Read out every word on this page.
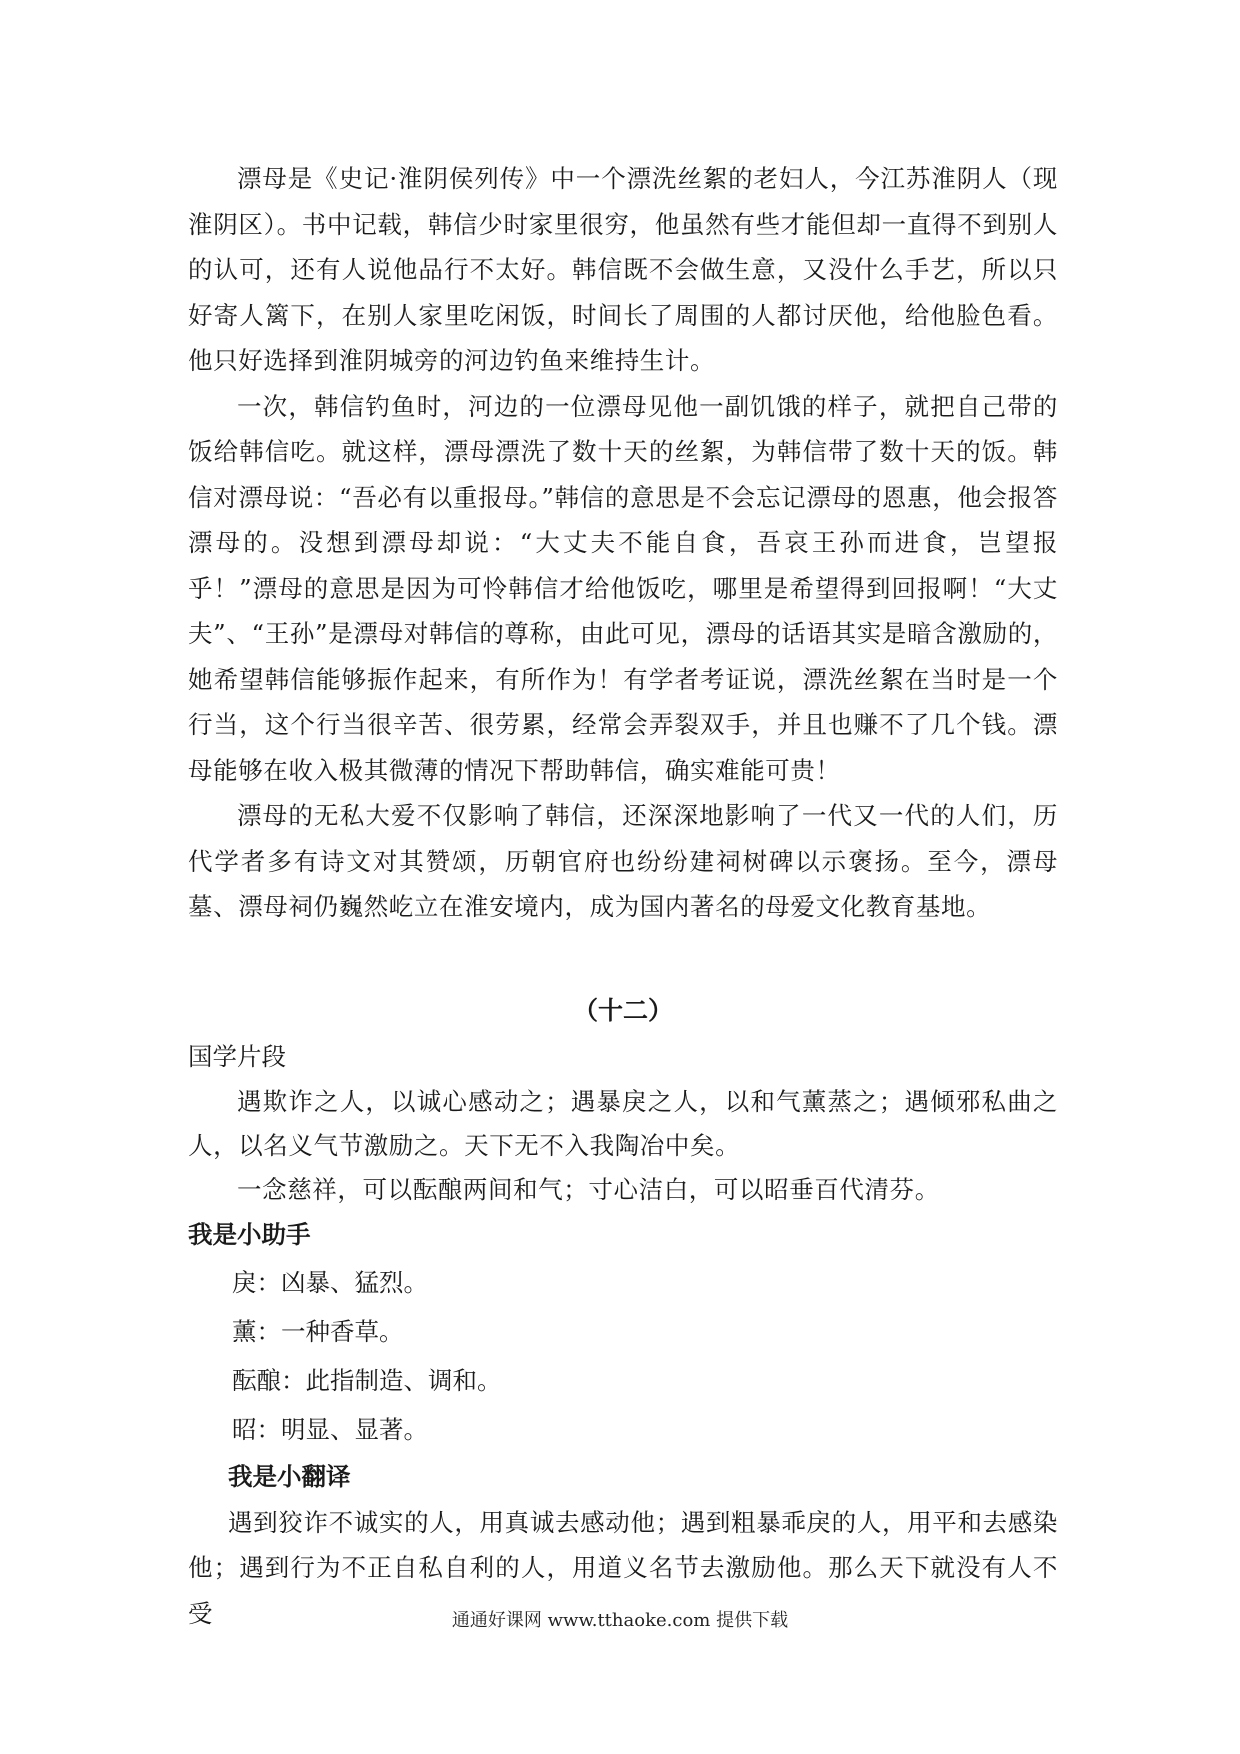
漂母是《史记·淮阴侯列传》中一个漂洗丝絮的老妇人，今江苏淮阴人（现淮阴区）。书中记载，韩信少时家里很穷，他虽然有些才能但却一直得不到别人的认可，还有人说他品行不太好。韩信既不会做生意，又没什么手艺，所以只好寄人篱下，在别人家里吃闲饭，时间长了周围的人都讨厌他，给他脸色看。他只好选择到淮阴城旁的河边钓鱼来维持生计。

一次，韩信钓鱼时，河边的一位漂母见他一副饥饿的样子，就把自己带的饭给韩信吃。就这样，漂母漂洗了数十天的丝絮，为韩信带了数十天的饭。韩信对漂母说：“吾必有以重报母。”韩信的意思是不会忘记漂母的恩惠，他会报答漂母的。没想到漂母却说：“大丈夫不能自食，吾哀王孙而进食，岂望报乎！”漂母的意思是因为可怜韩信才给他饭吃，哪里是希望得到回报啊！“大丈夫”、“王孙”是漂母对韩信的尊称，由此可见，漂母的话语其实是暗含激励的，她希望韩信能够振作起来，有所作为！有学者考证说，漂洗丝絮在当时是一个行当，这个行当很辛苦、很劳累，经常会弄裂双手，并且也赚不了几个钱。漂母能够在收入极其微薄的情况下帮助韩信，确实难能可贵！

漂母的无私大爱不仅影响了韩信，还深深地影响了一代又一代的人们，历代学者多有诗文对其赞颂，历朝官府也纷纷建祠树碑以示褒扬。至今，漂母墓、漂母祠仍巍然屹立在淮安境内，成为国内著名的母爱文化教育基地。

（十二）

国学片段

遇欺诈之人，以诚心感动之；遇暴戾之人，以和气薰蒸之；遇倾邪私曲之人，以名义气节激励之。天下无不入我陶冶中矣。

一念慈祥，可以酝酿两间和气；寸心洁白，可以昭垂百代清芬。

我是小助手

戾：凶暴、猛烈。

薰：一种香草。

酝酿：此指制造、调和。

昭：明显、显著。

我是小翻译

遇到狡诈不诚实的人，用真诚去感动他；遇到粗暴乖戾的人，用平和去感染他；遇到行为不正自私自利的人，用道义名节去激励他。那么天下就没有人不受	通通好课网 www.tthaoke.com 提供下载
